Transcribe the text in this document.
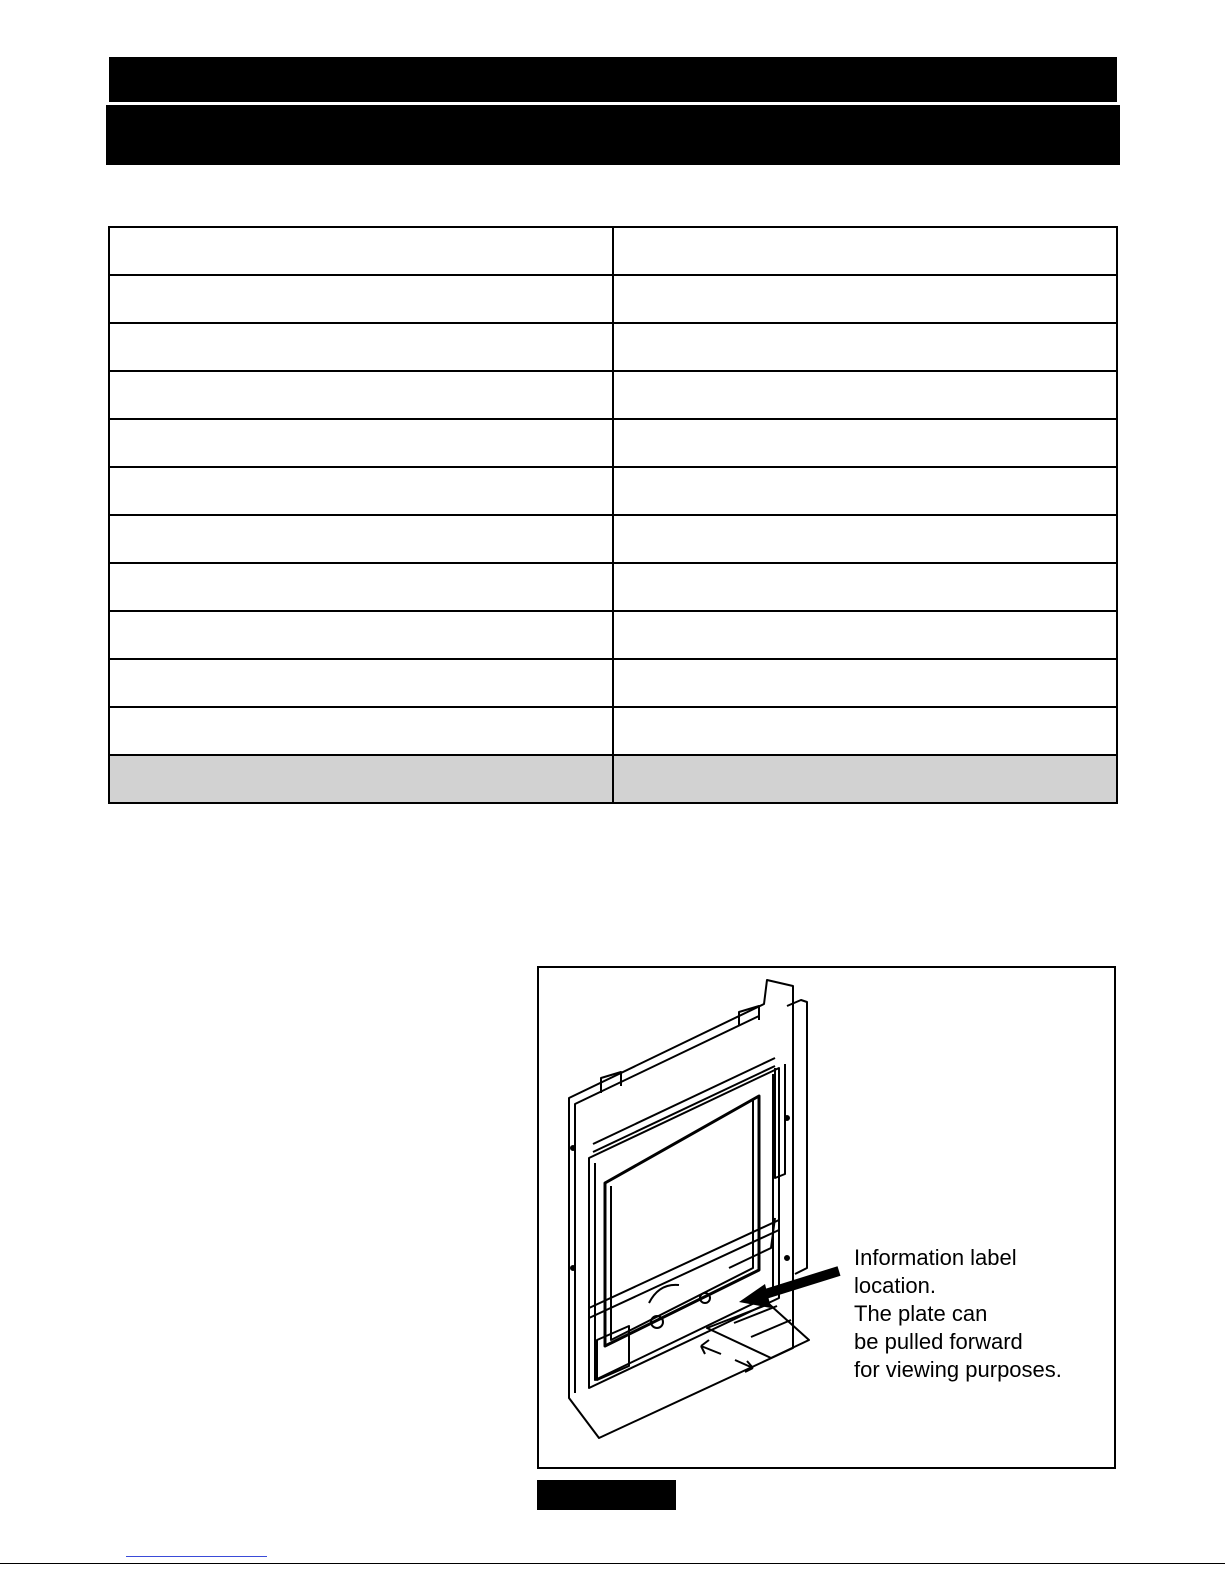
Information label
location.
The plate can
be pulled forward
for viewing purposes.
